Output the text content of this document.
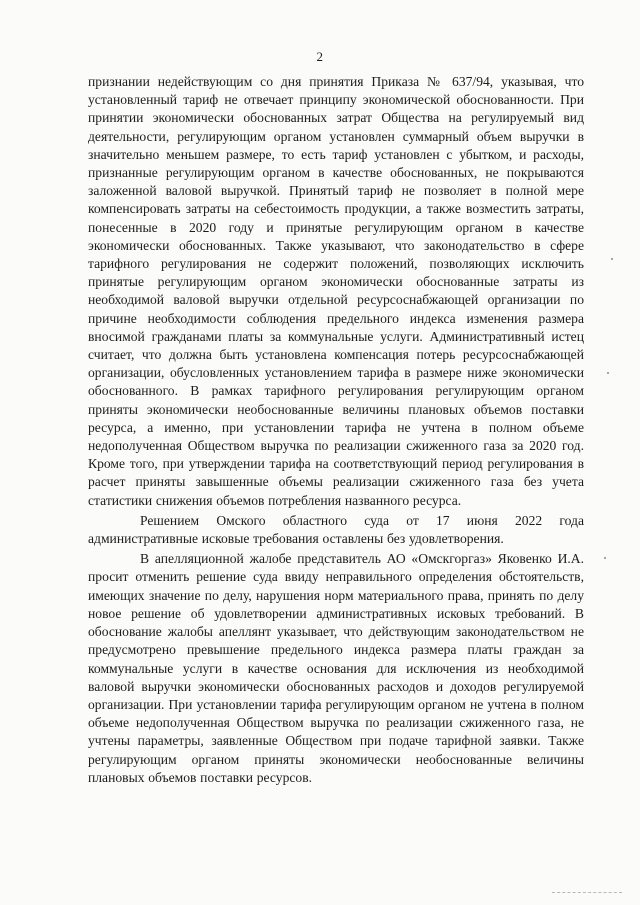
2

признании недействующим со дня принятия Приказа № 637/94, указывая, что установленный тариф не отвечает принципу экономической обоснованности. При принятии экономически обоснованных затрат Общества на регулируемый вид деятельности, регулирующим органом установлен суммарный объем выручки в значительно меньшем размере, то есть тариф установлен с убытком, и расходы, признанные регулирующим органом в качестве обоснованных, не покрываются заложенной валовой выручкой. Принятый тариф не позволяет в полной мере компенсировать затраты на себестоимость продукции, а также возместить затраты, понесенные в 2020 году и принятые регулирующим органом в качестве экономически обоснованных. Также указывают, что законодательство в сфере тарифного регулирования не содержит положений, позволяющих исключить принятые регулирующим органом экономически обоснованные затраты из необходимой валовой выручки отдельной ресурсоснабжающей организации по причине необходимости соблюдения предельного индекса изменения размера вносимой гражданами платы за коммунальные услуги. Административный истец считает, что должна быть установлена компенсация потерь ресурсоснабжающей организации, обусловленных установлением тарифа в размере ниже экономически обоснованного. В рамках тарифного регулирования регулирующим органом приняты экономически необоснованные величины плановых объемов поставки ресурса, а именно, при установлении тарифа не учтена в полном объеме недополученная Обществом выручка по реализации сжиженного газа за 2020 год. Кроме того, при утверждении тарифа на соответствующий период регулирования в расчет приняты завышенные объемы реализации сжиженного газа без учета статистики снижения объемов потребления названного ресурса.

Решением Омского областного суда от 17 июня 2022 года административные исковые требования оставлены без удовлетворения.

В апелляционной жалобе представитель АО «Омскгоргаз» Яковенко И.А. просит отменить решение суда ввиду неправильного определения обстоятельств, имеющих значение по делу, нарушения норм материального права, принять по делу новое решение об удовлетворении административных исковых требований. В обоснование жалобы апеллянт указывает, что действующим законодательством не предусмотрено превышение предельного индекса размера платы граждан за коммунальные услуги в качестве основания для исключения из необходимой валовой выручки экономически обоснованных расходов и доходов регулируемой организации. При установлении тарифа регулирующим органом не учтена в полном объеме недополученная Обществом выручка по реализации сжиженного газа, не учтены параметры, заявленные Обществом при подаче тарифной заявки. Также регулирующим органом приняты экономически необоснованные величины плановых объемов поставки ресурсов.
